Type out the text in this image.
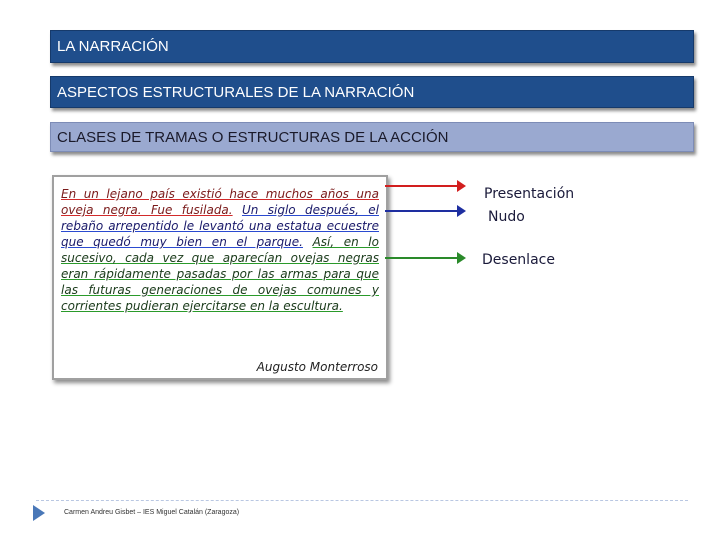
LA NARRACIÓN
ASPECTOS ESTRUCTURALES DE LA NARRACIÓN
CLASES DE TRAMAS O ESTRUCTURAS DE LA ACCIÓN

En un lejano país existió hace muchos años una oveja negra. Fue fusilada. Un siglo después, el rebaño arrepentido le levantó una estatua ecuestre que quedó muy bien en el parque. Así, en lo sucesivo, cada vez que aparecían ovejas negras eran rápidamente pasadas por las armas para que las futuras generaciones de ovejas comunes y corrientes pudieran ejercitarse en la escultura.

Augusto Monterroso
Presentación
Nudo
Desenlace
Carmen Andreu Gisbet – IES Miguel Catalán (Zaragoza)
